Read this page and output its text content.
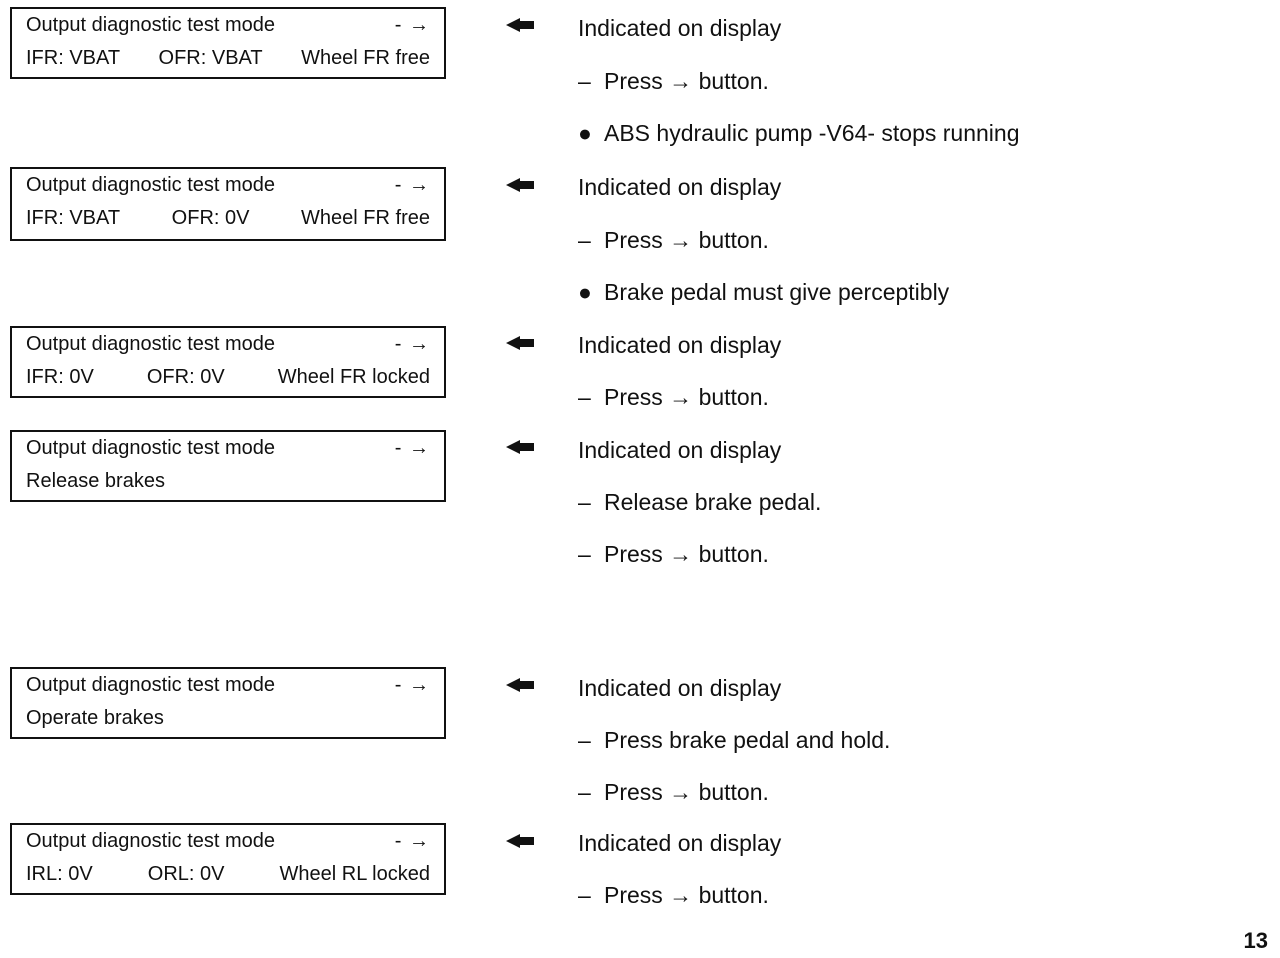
Output diagnostic test mode	- →
IFR: VBAT OFR: VBAT Wheel FR free
Output diagnostic test mode	- →
IFR: VBAT	OFR: 0V	Wheel FR free
Output diagnostic test mode	- →
IFR: 0V	OFR: 0V	Wheel FR locked
Output diagnostic test mode	- →
Release brakes
Output diagnostic test mode	- →
Operate brakes
Output diagnostic test mode	- →
IRL: 0V	ORL: 0V	Wheel RL locked
Indicated on display
– Press → button.
● ABS hydraulic pump -V64- stops running
Indicated on display
– Press → button.
● Brake pedal must give perceptibly
Indicated on display
– Press → button.
Indicated on display
– Release brake pedal.
– Press → button.
Indicated on display
– Press brake pedal and hold.
– Press → button.
Indicated on display
– Press → button.
13
